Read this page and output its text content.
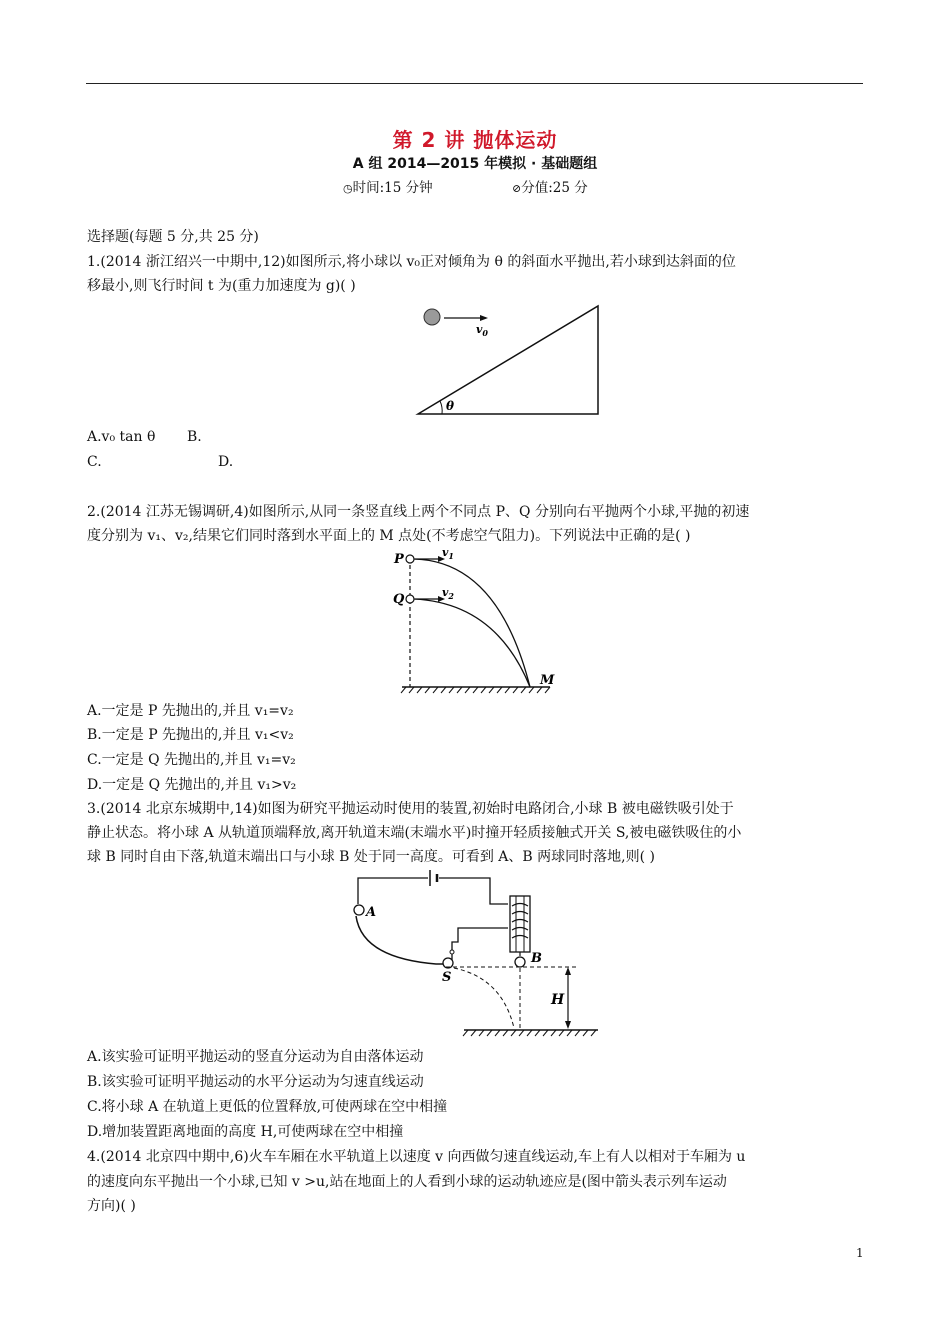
第 2 讲 抛体运动
A 组 2014—2015 年模拟 · 基础题组
◷时间:15 分钟	⊘分值:25 分
选择题(每题 5 分,共 25 分)
1.(2014 浙江绍兴一中期中,12)如图所示,将小球以 v₀正对倾角为 θ 的斜面水平抛出,若小球到达斜面的位
移最小,则飞行时间 t 为(重力加速度为 g)( )
$v_0$
θ
A.v₀ tan θ B.
C.	D.
2.(2014 江苏无锡调研,4)如图所示,从同一条竖直线上两个不同点 P、Q 分别向右平抛两个小球,平抛的初速
度分别为 v₁、v₂,结果它们同时落到水平面上的 M 点处(不考虑空气阻力)。下列说法中正确的是( )
P
Q
M
$v_1$
$v_2$
A.一定是 P 先抛出的,并且 v₁=v₂
B.一定是 P 先抛出的,并且 v₁<v₂
C.一定是 Q 先抛出的,并且 v₁=v₂
D.一定是 Q 先抛出的,并且 v₁>v₂
3.(2014 北京东城期中,14)如图为研究平抛运动时使用的装置,初始时电路闭合,小球 B 被电磁铁吸引处于
静止状态。将小球 A 从轨道顶端释放,离开轨道末端(末端水平)时撞开轻质接触式开关 S,被电磁铁吸住的小
球 B 同时自由下落,轨道末端出口与小球 B 处于同一高度。可看到 A、B 两球同时落地,则( )
A
B
S
H
A.该实验可证明平抛运动的竖直分运动为自由落体运动
B.该实验可证明平抛运动的水平分运动为匀速直线运动
C.将小球 A 在轨道上更低的位置释放,可使两球在空中相撞
D.增加装置距离地面的高度 H,可使两球在空中相撞
4.(2014 北京四中期中,6)火车车厢在水平轨道上以速度 v 向西做匀速直线运动,车上有人以相对于车厢为 u
的速度向东平抛出一个小球,已知 v >u,站在地面上的人看到小球的运动轨迹应是(图中箭头表示列车运动
方向)( )
1
